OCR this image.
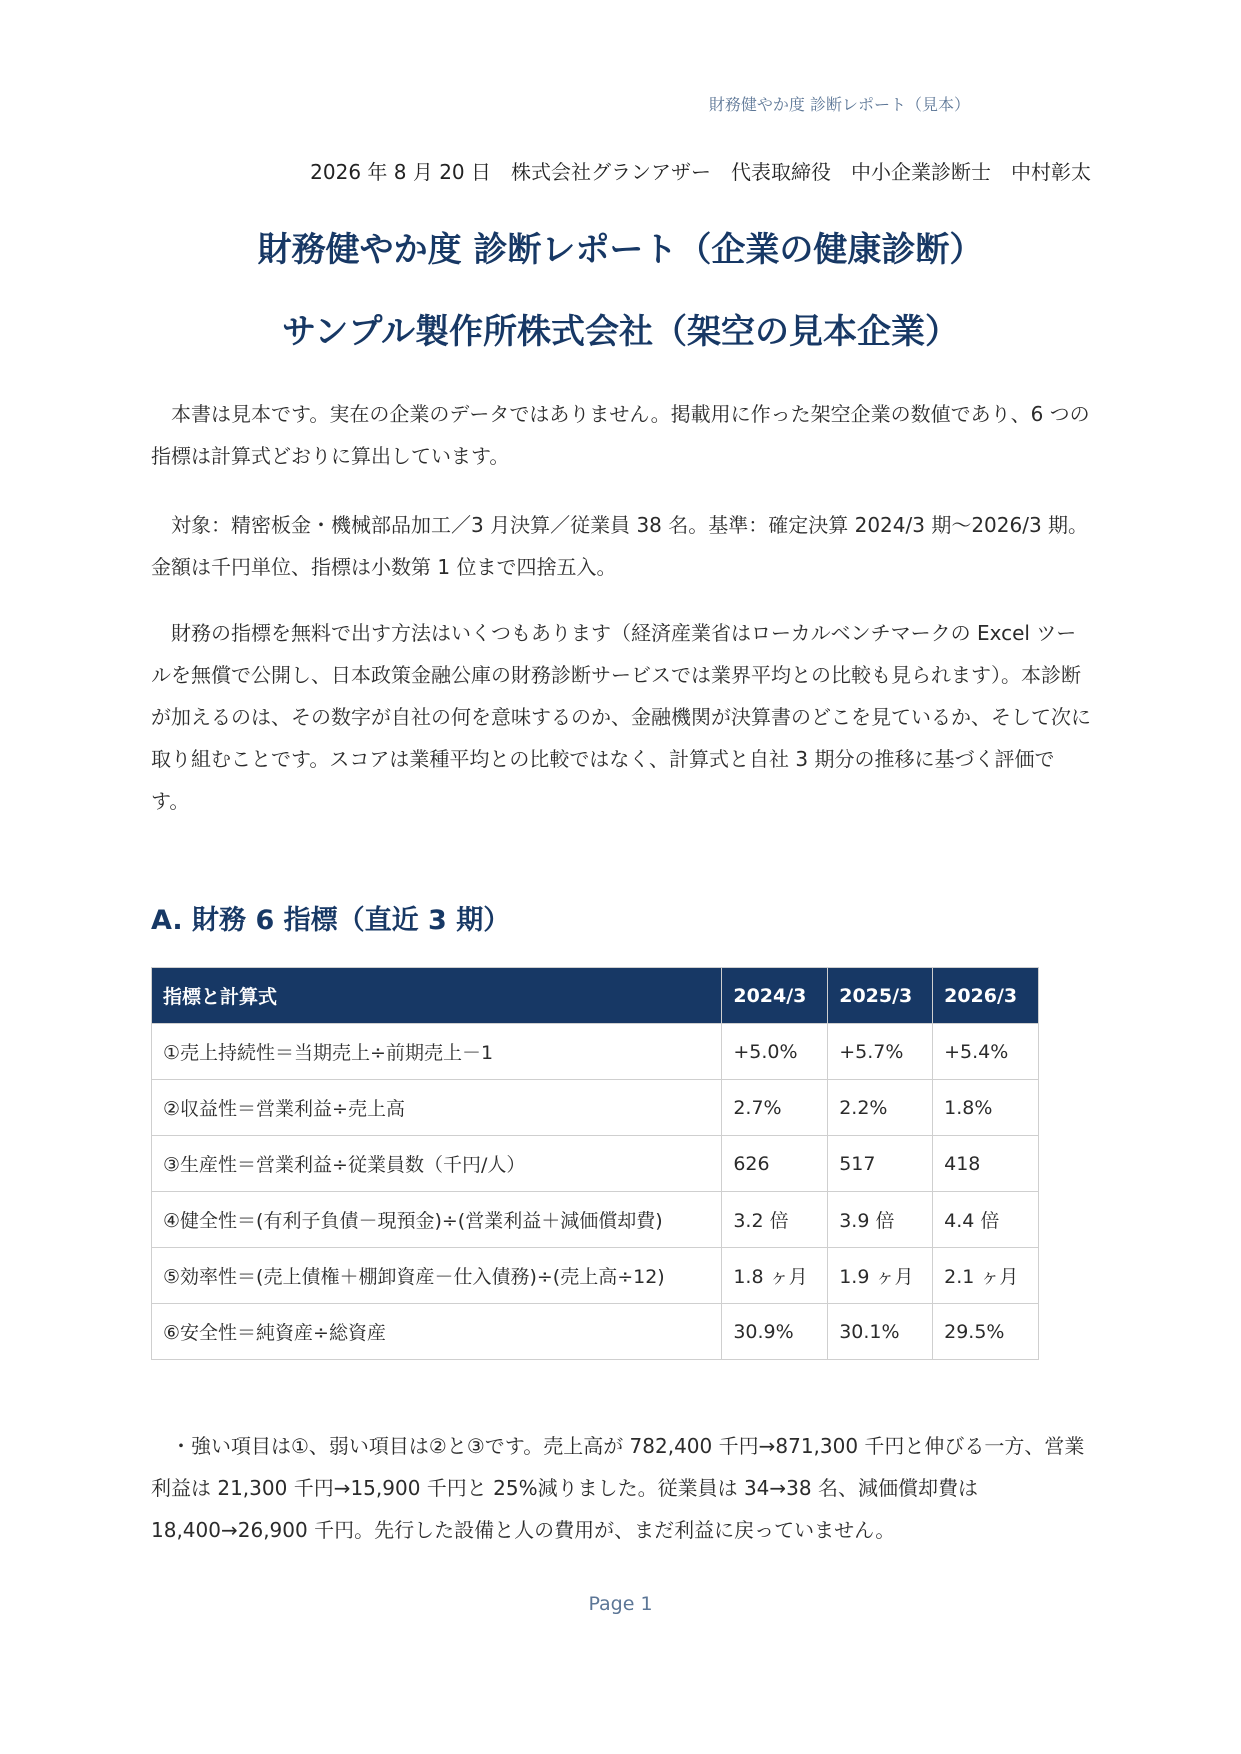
財務健やか度 診断レポート（見本）
2026 年 8 月 20 日　株式会社グランアザー　代表取締役　中小企業診断士　中村彰太
財務健やか度 診断レポート（企業の健康診断）
サンプル製作所株式会社（架空の見本企業）

本書は見本です。実在の企業のデータではありません。掲載用に作った架空企業の数値であり、6 つの指標は計算式どおりに算出しています。

対象：精密板金・機械部品加工／3 月決算／従業員 38 名。基準：確定決算 2024/3 期～2026/3 期。金額は千円単位、指標は小数第 1 位まで四捨五入。

財務の指標を無料で出す方法はいくつもあります（経済産業省はローカルベンチマークの Excel ツールを無償で公開し、日本政策金融公庫の財務診断サービスでは業界平均との比較も見られます）。本診断が加えるのは、その数字が自社の何を意味するのか、金融機関が決算書のどこを見ているか、そして次に取り組むことです。スコアは業種平均との比較ではなく、計算式と自社 3 期分の推移に基づく評価です。

A. 財務 6 指標（直近 3 期）
指標と計算式	2024/3	2025/3	2026/3
①売上持続性＝当期売上÷前期売上－1	+5.0%	+5.7%	+5.4%
②収益性＝営業利益÷売上高	2.7%	2.2%	1.8%
③生産性＝営業利益÷従業員数（千円/人）	626	517	418
④健全性＝(有利子負債－現預金)÷(営業利益＋減価償却費)	3.2 倍	3.9 倍	4.4 倍
⑤効率性＝(売上債権＋棚卸資産－仕入債務)÷(売上高÷12)	1.8 ヶ月	1.9 ヶ月	2.1 ヶ月
⑥安全性＝純資産÷総資産	30.9%	30.1%	29.5%

・強い項目は①、弱い項目は②と③です。売上高が 782,400 千円→871,300 千円と伸びる一方、営業利益は 21,300 千円→15,900 千円と 25%減りました。従業員は 34→38 名、減価償却費は 18,400→26,900 千円。先行した設備と人の費用が、まだ利益に戻っていません。

Page 1
